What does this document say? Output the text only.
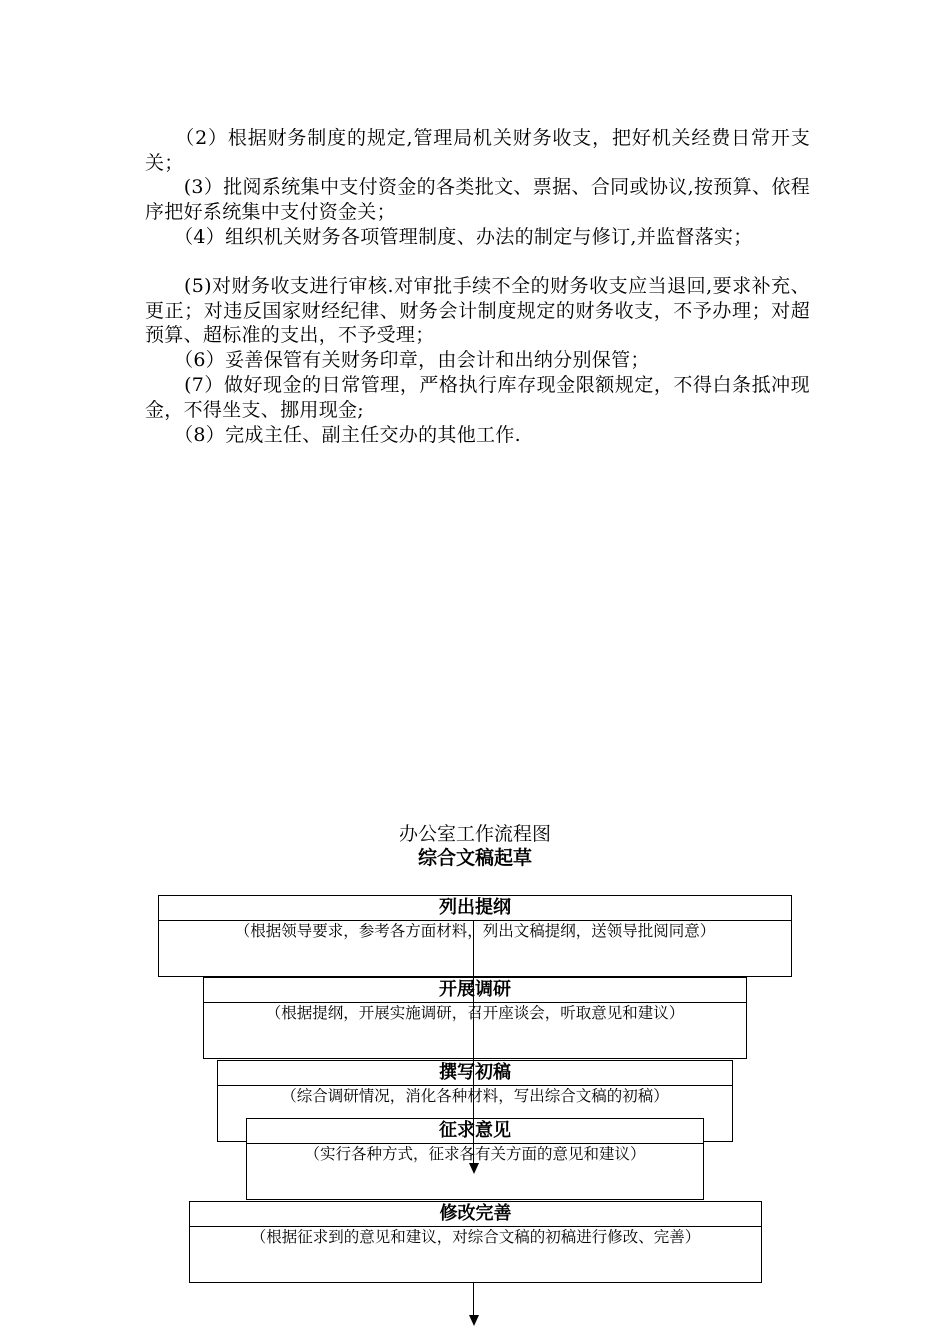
　　（2）根据财务制度的规定,管理局机关财务收支，把好机关经费日常开支关；

　　(3）批阅系统集中支付资金的各类批文、票据、合同或协议,按预算、依程序把好系统集中支付资金关；

　　（4）组织机关财务各项管理制度、办法的制定与修订,并监督落实；

　　(5)对财务收支进行审核.对审批手续不全的财务收支应当退回,要求补充、更正；对违反国家财经纪律、财务会计制度规定的财务收支，不予办理；对超预算、超标准的支出，不予受理；

　　（6）妥善保管有关财务印章，由会计和出纳分别保管；

　　(7）做好现金的日常管理，严格执行库存现金限额规定，不得白条抵冲现金，不得坐支、挪用现金;

　　（8）完成主任、副主任交办的其他工作.

办公室工作流程图
综合文稿起草
列出提纲
（根据领导要求，参考各方面材料，列出文稿提纲，送领导批阅同意）
开展调研
（根据提纲，开展实施调研，召开座谈会，听取意见和建议）
撰写初稿
（综合调研情况，消化各种材料，写出综合文稿的初稿）
征求意见
（实行各种方式，征求各有关方面的意见和建议）
修改完善
（根据征求到的意见和建议，对综合文稿的初稿进行修改、完善）
